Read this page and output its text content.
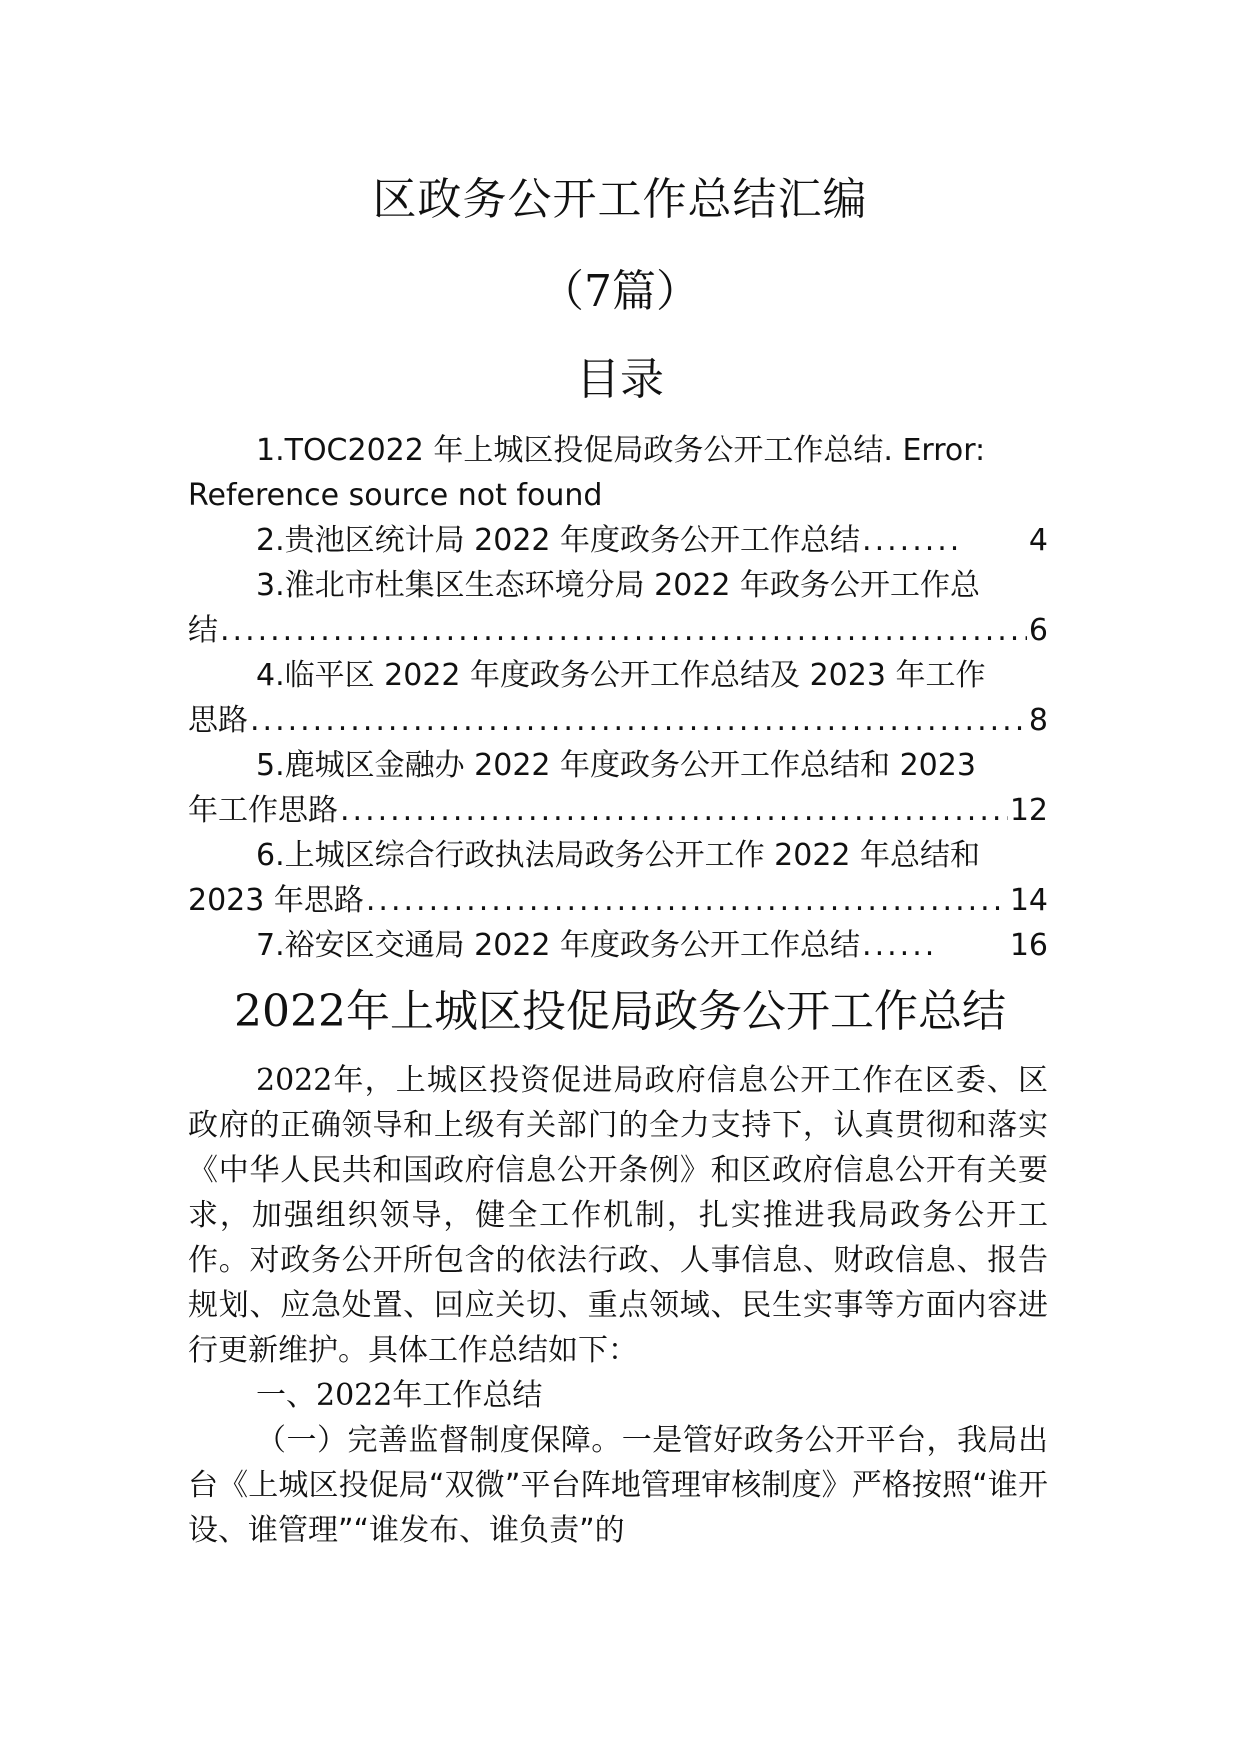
区政务公开工作总结汇编
（7篇）
目录
1.TOC2022 年上城区投促局政务公开工作总结. Error:
Reference source not found
2.贵池区统计局 2022 年度政务公开工作总结 .....	4
3.淮北市杜集区生态环境分局 2022 年政务公开工作总
结 .....	6
4.临平区 2022 年度政务公开工作总结及 2023 年工作
思路 .....	8
5.鹿城区金融办 2022 年度政务公开工作总结和 2023
年工作思路 .....	12
6.上城区综合行政执法局政务公开工作 2022 年总结和
2023 年思路 .....	14
7.裕安区交通局 2022 年度政务公开工作总结 .....	16
2022年上城区投促局政务公开工作总结

2022年，上城区投资促进局政府信息公开工作在区委、区政府的正确领导和上级有关部门的全力支持下，认真贯彻和落实《中华人民共和国政府信息公开条例》和区政府信息公开有关要求，加强组织领导，健全工作机制，扎实推进我局政务公开工作。对政务公开所包含的依法行政、人事信息、财政信息、报告规划、应急处置、回应关切、重点领域、民生实事等方面内容进行更新维护。具体工作总结如下：

一、2022年工作总结

（一）完善监督制度保障。一是管好政务公开平台，我局出台《上城区投促局“双微”平台阵地管理审核制度》严格按照“谁开设、谁管理”“谁发布、谁负责”的
